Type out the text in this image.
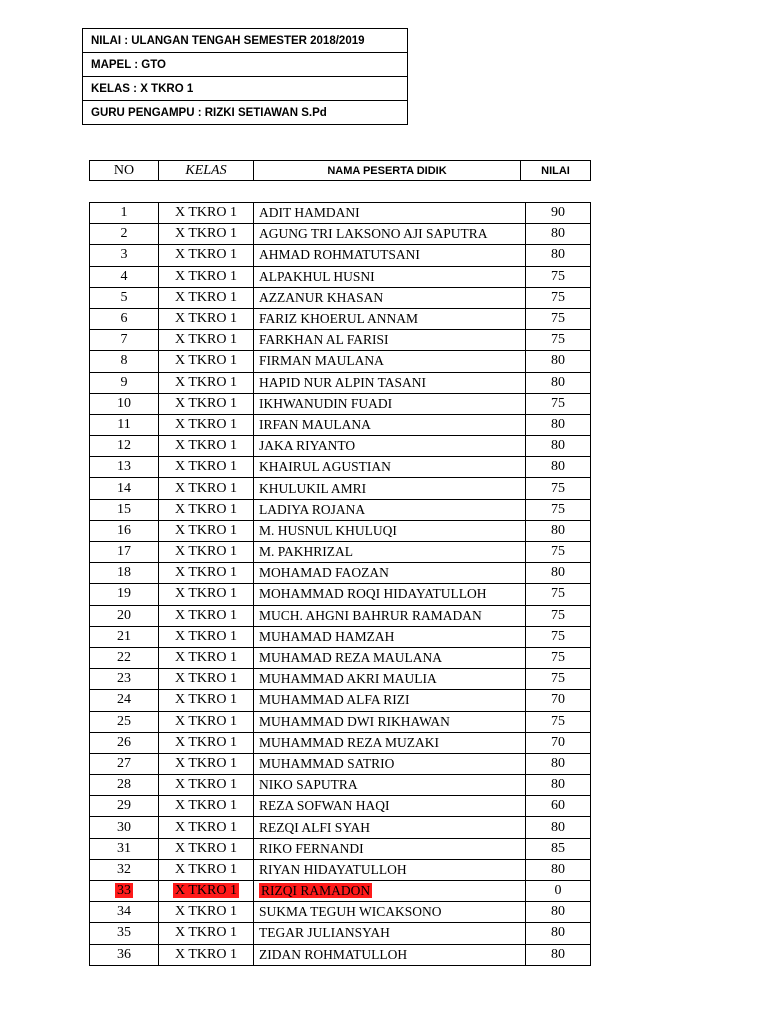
NILAI : ULANGAN TENGAH SEMESTER 2018/2019
MAPEL : GTO
KELAS : X TKRO 1
GURU PENGAMPU : RIZKI SETIAWAN S.Pd
NO	KELAS	NAMA PESERTA DIDIK	NILAI
1	X TKRO 1	ADIT HAMDANI	90
2	X TKRO 1	AGUNG TRI LAKSONO AJI SAPUTRA	80
3	X TKRO 1	AHMAD ROHMATUTSANI	80
4	X TKRO 1	ALPAKHUL HUSNI	75
5	X TKRO 1	AZZANUR KHASAN	75
6	X TKRO 1	FARIZ KHOERUL ANNAM	75
7	X TKRO 1	FARKHAN AL FARISI	75
8	X TKRO 1	FIRMAN MAULANA	80
9	X TKRO 1	HAPID NUR ALPIN TASANI	80
10	X TKRO 1	IKHWANUDIN FUADI	75
11	X TKRO 1	IRFAN MAULANA	80
12	X TKRO 1	JAKA RIYANTO	80
13	X TKRO 1	KHAIRUL AGUSTIAN	80
14	X TKRO 1	KHULUKIL AMRI	75
15	X TKRO 1	LADIYA ROJANA	75
16	X TKRO 1	M. HUSNUL KHULUQI	80
17	X TKRO 1	M. PAKHRIZAL	75
18	X TKRO 1	MOHAMAD FAOZAN	80
19	X TKRO 1	MOHAMMAD ROQI HIDAYATULLOH	75
20	X TKRO 1	MUCH. AHGNI BAHRUR RAMADAN	75
21	X TKRO 1	MUHAMAD HAMZAH	75
22	X TKRO 1	MUHAMAD REZA MAULANA	75
23	X TKRO 1	MUHAMMAD AKRI MAULIA	75
24	X TKRO 1	MUHAMMAD ALFA RIZI	70
25	X TKRO 1	MUHAMMAD DWI RIKHAWAN	75
26	X TKRO 1	MUHAMMAD REZA MUZAKI	70
27	X TKRO 1	MUHAMMAD SATRIO	80
28	X TKRO 1	NIKO SAPUTRA	80
29	X TKRO 1	REZA SOFWAN HAQI	60
30	X TKRO 1	REZQI ALFI SYAH	80
31	X TKRO 1	RIKO FERNANDI	85
32	X TKRO 1	RIYAN HIDAYATULLOH	80
33	X TKRO 1	RIZQI RAMADON	0
34	X TKRO 1	SUKMA TEGUH WICAKSONO	80
35	X TKRO 1	TEGAR JULIANSYAH	80
36	X TKRO 1	ZIDAN ROHMATULLOH	80
